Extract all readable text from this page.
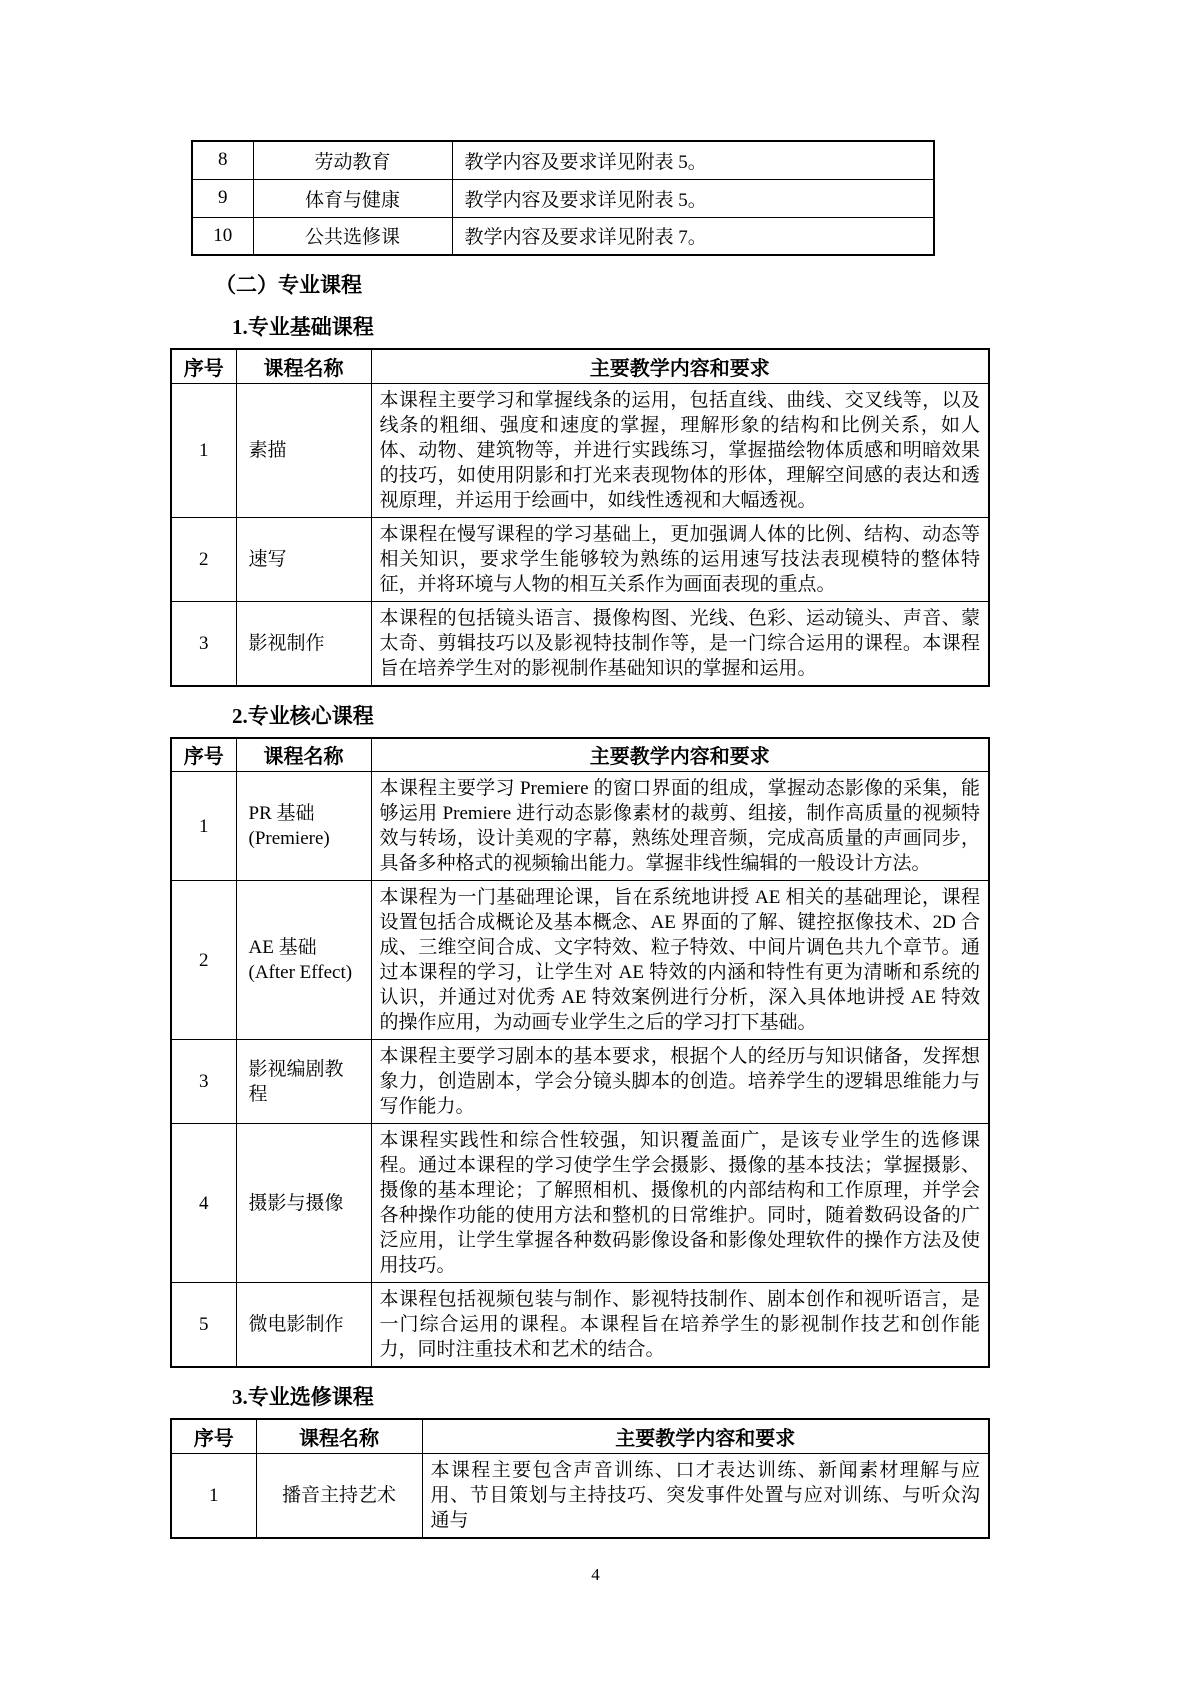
8	劳动教育	教学内容及要求详见附表 5。
9	体育与健康	教学内容及要求详见附表 5。
10	公共选修课	教学内容及要求详见附表 7。
（二）专业课程
1.专业基础课程
序号	课程名称	主要教学内容和要求
1	素描	本课程主要学习和掌握线条的运用，包括直线、曲线、交叉线等，以及线条的粗细、强度和速度的掌握，理解形象的结构和比例关系，如人体、动物、建筑物等，并进行实践练习，掌握描绘物体质感和明暗效果的技巧，如使用阴影和打光来表现物体的形体，理解空间感的表达和透视原理，并运用于绘画中，如线性透视和大幅透视。
2	速写	本课程在慢写课程的学习基础上，更加强调人体的比例、结构、动态等相关知识，要求学生能够较为熟练的运用速写技法表现模特的整体特征，并将环境与人物的相互关系作为画面表现的重点。
3	影视制作	本课程的包括镜头语言、摄像构图、光线、色彩、运动镜头、声音、蒙太奇、剪辑技巧以及影视特技制作等，是一门综合运用的课程。本课程旨在培养学生对的影视制作基础知识的掌握和运用。
2.专业核心课程
序号	课程名称	主要教学内容和要求
1	PR 基础 (Premiere)	本课程主要学习 Premiere 的窗口界面的组成，掌握动态影像的采集，能够运用 Premiere 进行动态影像素材的裁剪、组接，制作高质量的视频特效与转场，设计美观的字幕，熟练处理音频，完成高质量的声画同步，具备多种格式的视频输出能力。掌握非线性编辑的一般设计方法。
2	AE 基础 (After Effect)	本课程为一门基础理论课，旨在系统地讲授 AE 相关的基础理论，课程设置包括合成概论及基本概念、AE 界面的了解、键控抠像技术、2D 合成、三维空间合成、文字特效、粒子特效、中间片调色共九个章节。通过本课程的学习，让学生对 AE 特效的内涵和特性有更为清晰和系统的认识，并通过对优秀 AE 特效案例进行分析，深入具体地讲授 AE 特效的操作应用，为动画专业学生之后的学习打下基础。
3	影视编剧教程	本课程主要学习剧本的基本要求，根据个人的经历与知识储备，发挥想象力，创造剧本，学会分镜头脚本的创造。培养学生的逻辑思维能力与写作能力。
4	摄影与摄像	本课程实践性和综合性较强，知识覆盖面广，是该专业学生的选修课程。通过本课程的学习使学生学会摄影、摄像的基本技法；掌握摄影、摄像的基本理论；了解照相机、摄像机的内部结构和工作原理，并学会各种操作功能的使用方法和整机的日常维护。同时，随着数码设备的广泛应用，让学生掌握各种数码影像设备和影像处理软件的操作方法及使用技巧。
5	微电影制作	本课程包括视频包装与制作、影视特技制作、剧本创作和视听语言，是一门综合运用的课程。本课程旨在培养学生的影视制作技艺和创作能力，同时注重技术和艺术的结合。
3.专业选修课程
序号	课程名称	主要教学内容和要求
1	播音主持艺术	本课程主要包含声音训练、口才表达训练、新闻素材理解与应用、节目策划与主持技巧、突发事件处置与应对训练、与听众沟通与
4
